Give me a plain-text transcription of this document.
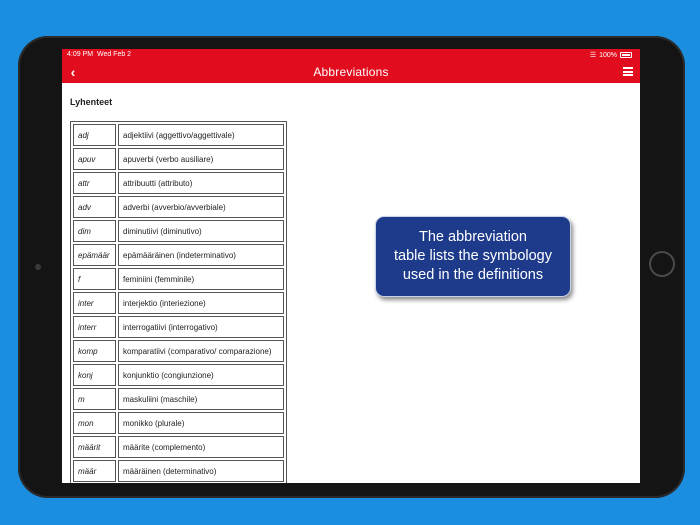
4:09 PM Wed Feb 2	☰ 100%
‹	Abbreviations
Lyhenteet
adj	adjektiivi (aggettivo/aggettivale)
apuv	apuverbi (verbo ausiliare)
attr	attribuutti (attributo)
adv	adverbi (avverbio/avverbiale)
dim	diminutiivi (diminutivo)
epämäär	epämääräinen (indeterminativo)
f	feminiini (femminile)
inter	interjektio (interiezione)
interr	interrogatiivi (interrogativo)
komp	komparatiivi (comparativo/ comparazione)
konj	konjunktio (congiunzione)
m	maskuliini (maschile)
mon	monikko (plurale)
määrit	määrite (complemento)
määr	määräinen (determinativo)
The abbreviation
table lists the symbology
used in the definitions
